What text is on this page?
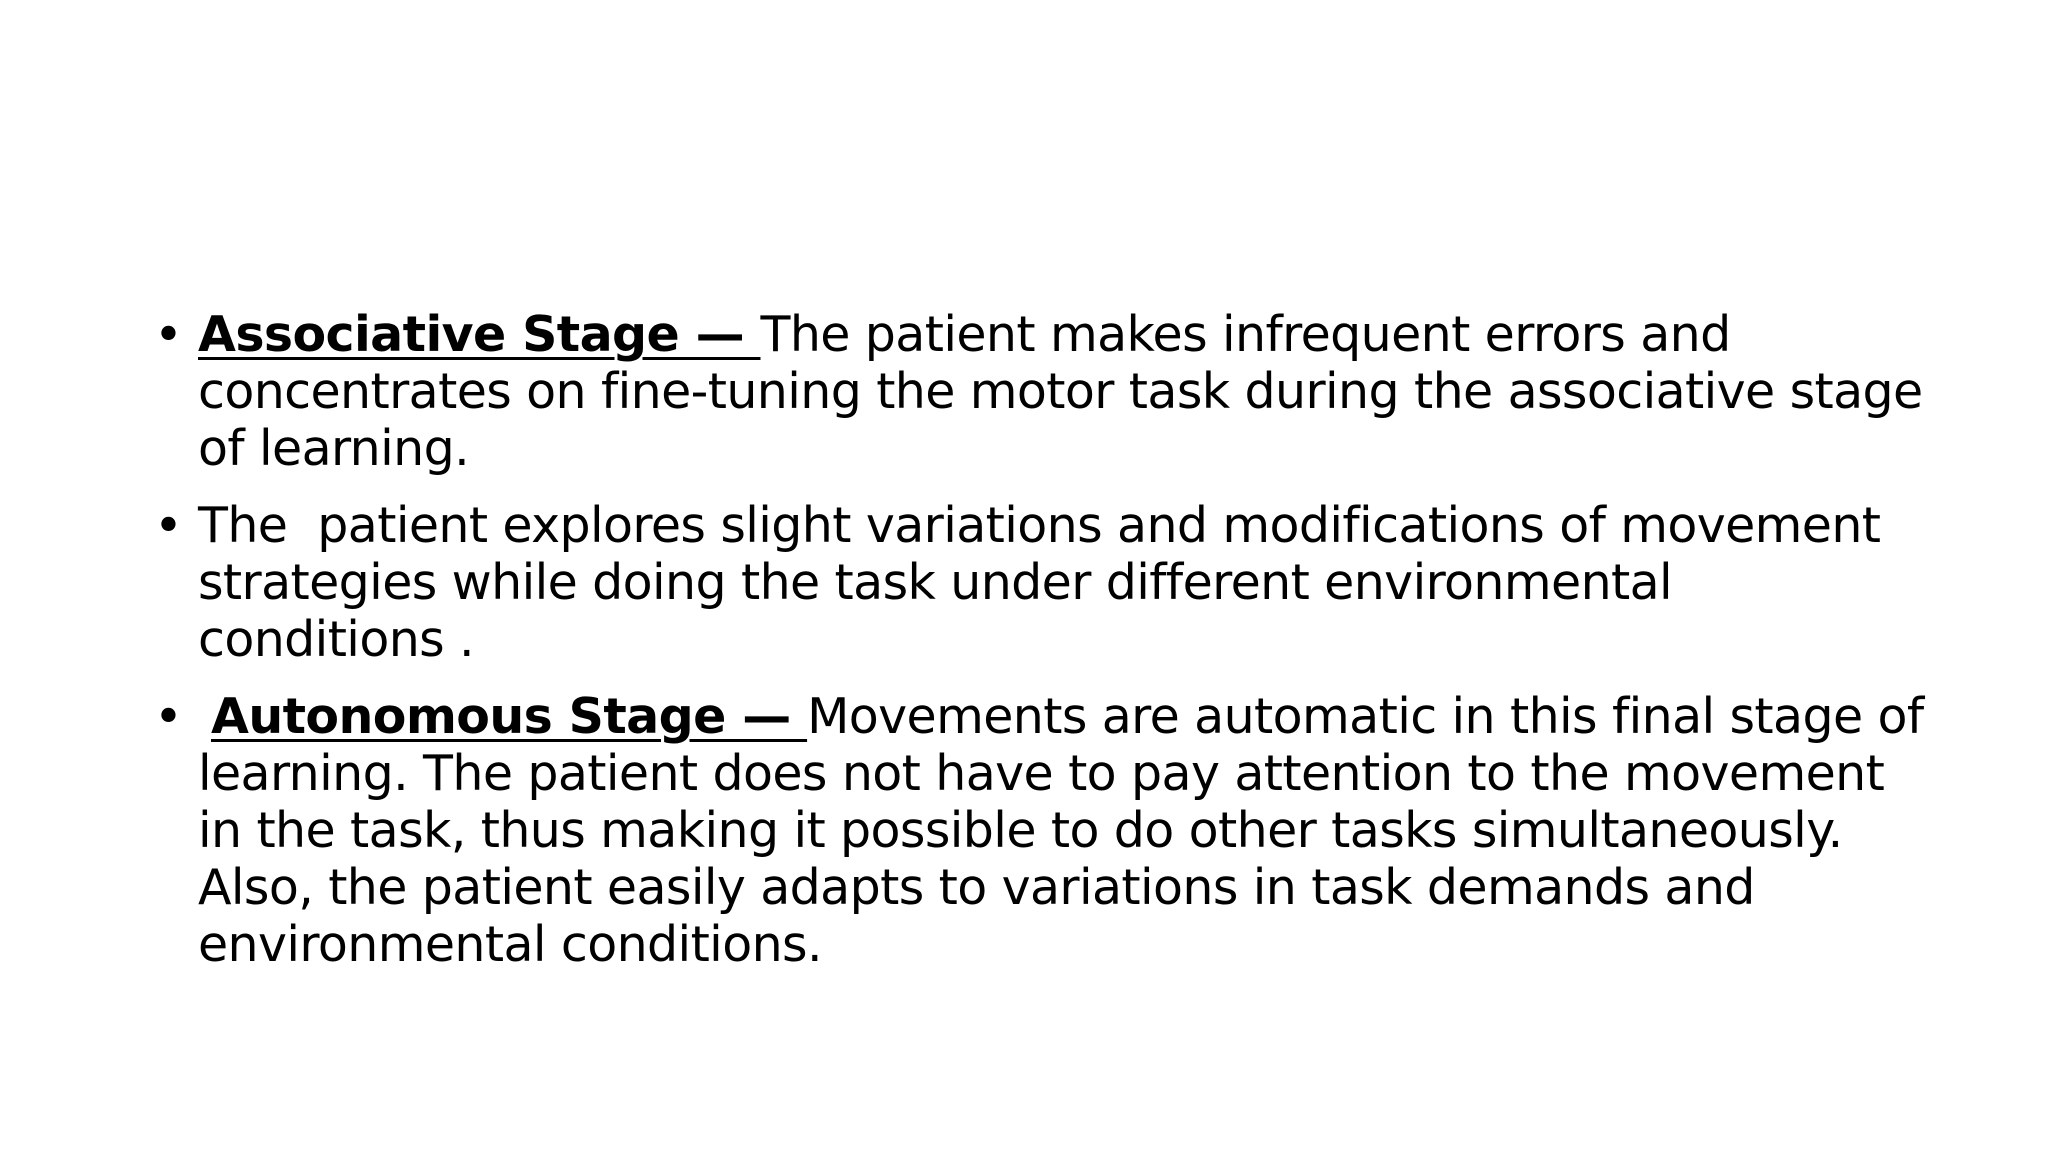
• Associative Stage — The patient makes infrequent errors and concentrates on fine-tuning the motor task during the associative stage of learning.
• The  patient explores slight variations and modifications of movement strategies while doing the task under different environmental conditions .
• Autonomous Stage — Movements are automatic in this final stage of learning. The patient does not have to pay attention to the movement  in the task, thus making it possible to do other tasks simultaneously. Also, the patient easily adapts to variations in task demands and environmental conditions.
